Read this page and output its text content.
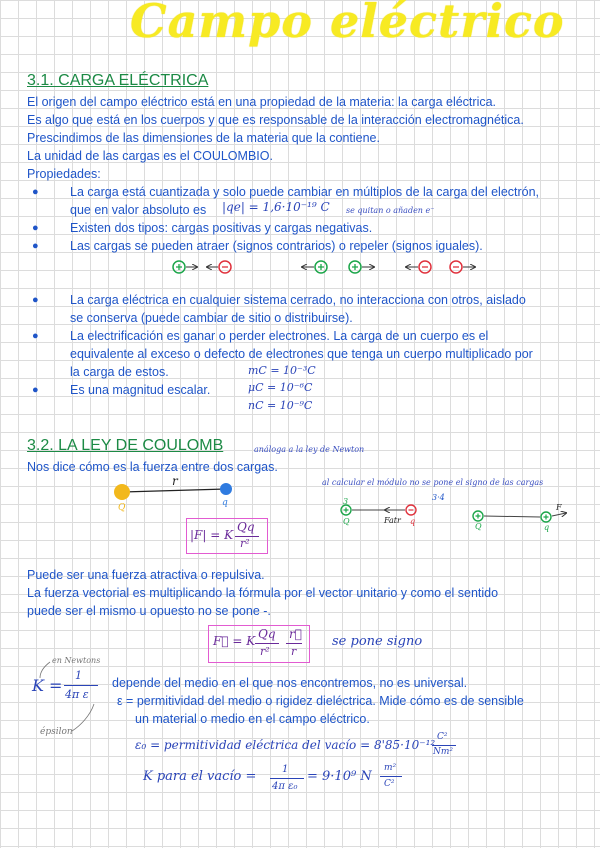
Campo eléctrico
3.1. CARGA ELÉCTRICA
El origen del campo eléctrico está en una propiedad de la materia: la carga eléctrica.
Es algo que está en los cuerpos y que es responsable de la interacción electromagnética.
Prescindimos de las dimensiones de la materia que la contiene.
La unidad de las cargas es el COULOMBIO.
Propiedades:
●	La carga está cuantizada y solo puede cambiar en múltiplos de la carga del electrón,
que en valor absoluto es |qe| = 1,6·10⁻¹⁹ C se quitan o añaden e⁻
●	Existen dos tipos: cargas positivas y cargas negativas.
●	Las cargas se pueden atraer (signos contrarios) o repeler (signos iguales).
●	La carga eléctrica en cualquier sistema cerrado, no interacciona con otros, aislado
se conserva (puede cambiar de sitio o distribuirse).
●	La electrificación es ganar o perder electrones. La carga de un cuerpo es el
equivalente al exceso o defecto de electrones que tenga un cuerpo multiplicado por
la carga de estos.
●	Es una magnitud escalar.
mC = 10⁻³C
μC = 10⁻⁶C
nC = 10⁻⁹C
3.2. LA LEY DE COULOMB	análoga a la ley de Newton
Nos dice cómo es la fuerza entre dos cargas.
r
Q	q
|F| = K
Qq
r²
al calcular el módulo no se pone el signo de las cargas
3	3·4
Q	Fatr q
Q	q
F
Puede ser una fuerza atractiva o repulsiva.
La fuerza vectorial es multiplicando la fórmula por el vector unitario y como el sentido
puede ser el mismo u opuesto no se pone -.
F⃗ = K Qq
r²
r⃗
r
se pone signo
en Newtons
K =
1
4π ε
épsilon
depende del medio en el que nos encontremos, no es universal.
ε = permitividad del medio o rigidez dieléctrica. Mide cómo es de sensible
un material o medio en el campo eléctrico.
ε₀ = permitividad eléctrica del vacío = 8'85·10⁻¹²
C²
Nm²
K para el vacío =	1
4π ε₀
= 9·10⁹ N
m²
C²
